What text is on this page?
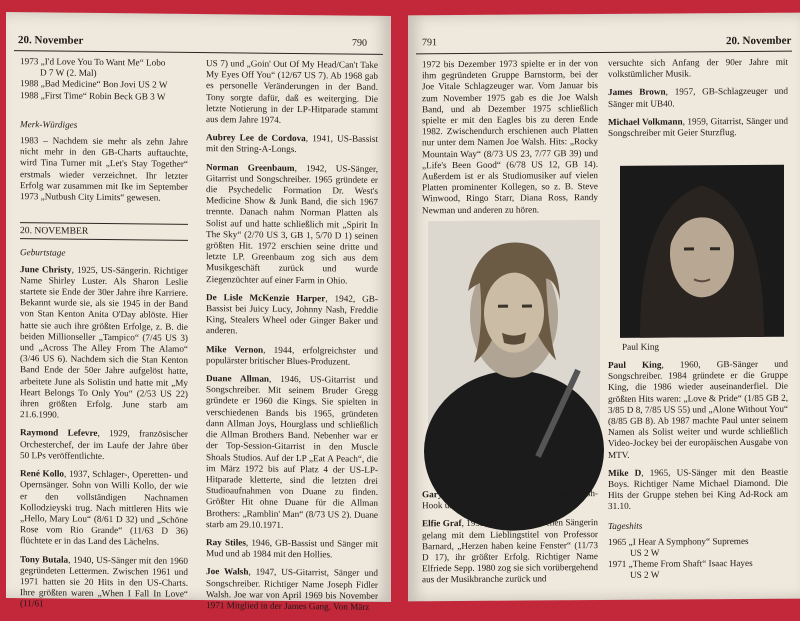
20. November	790
1973 „I'd Love You To Want Me“ Lobo
D 7 W (2. Mal)
1988 „Bad Medicine“ Bon Jovi US 2 W
1988 „First Time“ Robin Beck GB 3 W
Merk-Würdiges

1983 – Nachdem sie mehr als zehn Jahre nicht mehr in den GB-Charts auftauchte, wird Tina Turner mit „Let's Stay Together“ erstmals wieder verzeichnet. Ihr letzter Erfolg war zusammen mit Ike im September 1973 „Nutbush City Limits“ gewesen.

20. NOVEMBER
Geburtstage

June Christy, 1925, US-Sängerin. Richtiger Name Shirley Luster. Als Sharon Leslie startete sie Ende der 30er Jahre ihre Karriere. Bekannt wurde sie, als sie 1945 in der Band von Stan Kenton Anita O'Day ablöste. Hier hatte sie auch ihre größten Erfolge, z. B. die beiden Millionseller „Tampico“ (7/45 US 3) und „Across The Alley From The Alamo“ (3/46 US 6). Nachdem sich die Stan Kenton Band Ende der 50er Jahre aufgelöst hatte, arbeitete June als Solistin und hatte mit „My Heart Belongs To Only You“ (2/53 US 22) ihren größten Erfolg. June starb am 21.6.1990.

Raymond Lefevre, 1929, französischer Orchesterchef, der im Laufe der Jahre über 50 LPs veröffentlichte.

René Kollo, 1937, Schlager-, Operetten- und Opernsänger. Sohn von Willi Kollo, der wie er den vollständigen Nachnamen Kollodzieyski trug. Nach mittleren Hits wie „Hello, Mary Lou“ (8/61 D 32) und „Schöne Rose vom Rio Grande“ (11/63 D 36) flüchtete er in das Land des Lächelns.

Tony Butala, 1940, US-Sänger mit den 1960 gegründeten Lettermen. Zwischen 1961 und 1971 hatten sie 20 Hits in den US-Charts. Ihre größten waren „When I Fall In Love“ (11/61

US 7) und „Goin' Out Of My Head/Can't Take My Eyes Off You“ (12/67 US 7). Ab 1968 gab es personelle Veränderungen in der Band. Tony sorgte dafür, daß es weiterging. Die letzte Notierung in der LP-Hitparade stammt aus dem Jahre 1974.

Aubrey Lee de Cordova, 1941, US-Bassist mit den String-A-Longs.

Norman Greenbaum, 1942, US-Sänger, Gitarrist und Songschreiber. 1965 gründete er die Psychedelic Formation Dr. West's Medicine Show & Junk Band, die sich 1967 trennte. Danach nahm Norman Platten als Solist auf und hatte schließlich mit „Spirit In The Sky“ (2/70 US 3, GB 1, 5/70 D 1) seinen größten Hit. 1972 erschien seine dritte und letzte LP. Greenbaum zog sich aus dem Musikgeschäft zurück und wurde Ziegenzüchter auf einer Farm in Ohio.

De Lisle McKenzie Harper, 1942, GB-Bassist bei Juicy Lucy, Johnny Nash, Freddie King, Stealers Wheel oder Ginger Baker und anderen.

Mike Vernon, 1944, erfolgreichster und populärster britischer Blues-Produzent.

Duane Allman, 1946, US-Gitarrist und Songschreiber. Mit seinem Bruder Gregg gründete er 1960 die Kings. Sie spielten in verschiedenen Bands bis 1965, gründeten dann Allman Joys, Hourglass und schließlich die Allman Brothers Band. Nebenher war er der Top-Session-Gitarrist in den Muscle Shoals Studios. Auf der LP „Eat A Peach“, die im März 1972 bis auf Platz 4 der US-LP-Hitparade kletterte, sind die letzten drei Studioaufnahmen von Duane zu finden. Größter Hit ohne Duane für die Allman Brothers: „Ramblin' Man“ (8/73 US 2). Duane starb am 29.10.1971.

Ray Stiles, 1946, GB-Bassist und Sänger mit Mud und ab 1984 mit den Hollies.

Joe Walsh, 1947, US-Gitarrist, Sänger und Songschreiber. Richtiger Name Joseph Fidler Walsh. Joe war von April 1969 bis November 1971 Mitglied in der James Gang. Von März

791	20. November

1972 bis Dezember 1973 spielte er in der von ihm gegründeten Gruppe Barnstorm, bei der Joe Vitale Schlagzeuger war. Vom Januar bis zum November 1975 gab es die Joe Walsh Band, und ab Dezember 1975 schließlich spielte er mit den Eagles bis zu deren Ende 1982. Zwischendurch erschienen auch Platten nur unter dem Namen Joe Walsh. Hits: „Rocky Mountain Way“ (8/73 US 23, 7/77 GB 39) und „Life's Been Good“ (6/78 US 12, GB 14). Außerdem ist er als Studiomusiker auf vielen Platten prominenter Kollegen, so z. B. Steve Winwood, Ringo Starr, Diana Ross, Randy Newman und anderen zu hören.

Joe Walsh

Gary Green, 1950, GB-Gitarrist mit Fish-Hook und Gentle Giant.

Elfie Graf, 1952, der österreichischen Sängerin gelang mit dem Lieblingstitel von Professor Barnard, „Herzen haben keine Fenster“ (11/73 D 17), ihr größter Erfolg. Richtiger Name Elfriede Sepp. 1980 zog sie sich vorübergehend aus der Musikbranche zurück und

versuchte sich Anfang der 90er Jahre mit volkstümlicher Musik.

James Brown, 1957, GB-Schlagzeuger und Sänger mit UB40.

Michael Volkmann, 1959, Gitarrist, Sänger und Songschreiber mit Geier Sturzflug.

Paul King

Paul King, 1960, GB-Sänger und Songschreiber. 1984 gründete er die Gruppe King, die 1986 wieder auseinanderfiel. Die größten Hits waren: „Love & Pride“ (1/85 GB 2, 3/85 D 8, 7/85 US 55) und „Alone Without You“ (8/85 GB 8). Ab 1987 machte Paul unter seinem Namen als Solist weiter und wurde schließlich Video-Jockey bei der europäischen Ausgabe von MTV.

Mike D, 1965, US-Sänger mit den Beastie Boys. Richtiger Name Michael Diamond. Die Hits der Gruppe stehen bei King Ad-Rock am 31.10.

Tageshits
1965 „I Hear A Symphony“ Supremes
US 2 W
1971 „Theme From Shaft“ Isaac Hayes
US 2 W
